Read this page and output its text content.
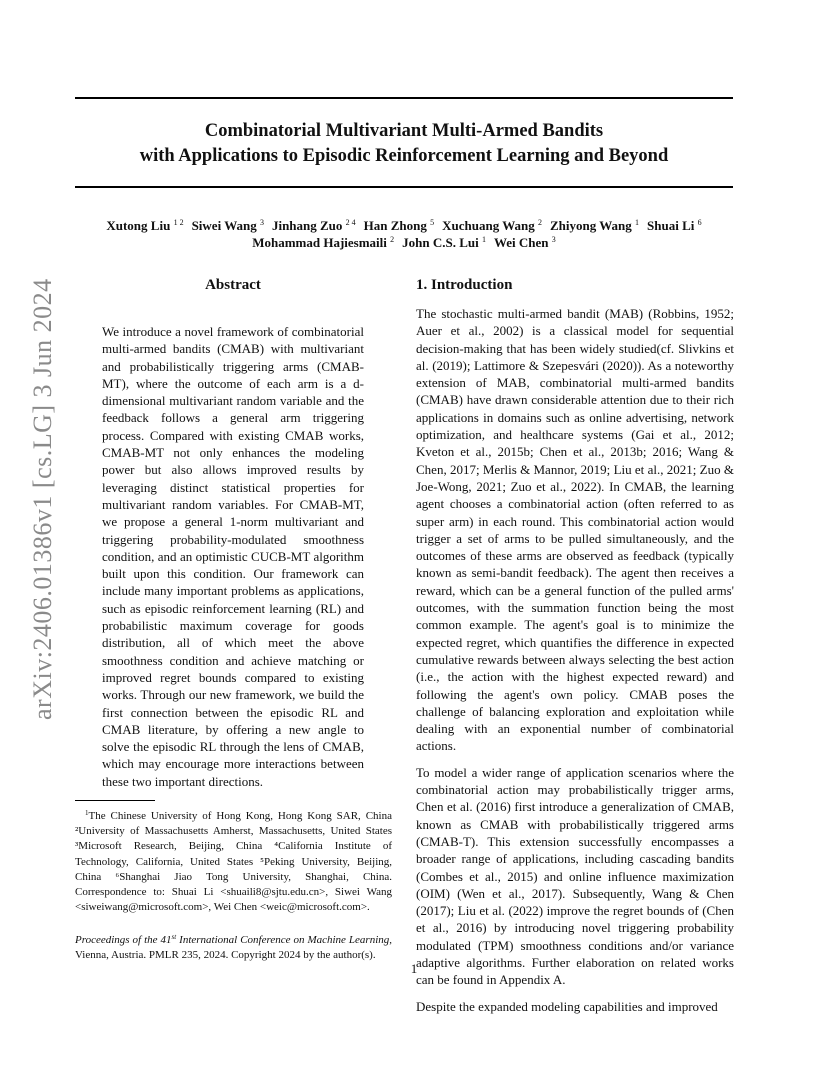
Combinatorial Multivariant Multi-Armed Bandits
with Applications to Episodic Reinforcement Learning and Beyond
Xutong Liu $^{1 2}$ Siwei Wang $^3$ Jinhang Zuo $^{2 4}$ Han Zhong $^5$ Xuchuang Wang $^2$ Zhiyong Wang $^1$ Shuai Li $^6$
Mohammad Hajiesmaili $^2$ John C.S. Lui $^1$ Wei Chen $^3$
arXiv:2406.01386v1 [cs.LG] 3 Jun 2024	Abstract

We introduce a novel framework of combinatorial multi-armed bandits (CMAB) with multivariant and probabilistically triggering arms (CMAB-MT), where the outcome of each arm is a d-dimensional multivariant random variable and the feedback follows a general arm triggering process. Compared with existing CMAB works, CMAB-MT not only enhances the modeling power but also allows improved results by leveraging distinct statistical properties for multivariant random variables. For CMAB-MT, we propose a general 1-norm multivariant and triggering probability-modulated smoothness condition, and an optimistic CUCB-MT algorithm built upon this condition. Our framework can include many important problems as applications, such as episodic reinforcement learning (RL) and probabilistic maximum coverage for goods distribution, all of which meet the above smoothness condition and achieve matching or improved regret bounds compared to existing works. Through our new framework, we build the first connection between the episodic RL and CMAB literature, by offering a new angle to solve the episodic RL through the lens of CMAB, which may encourage more interactions between these two important directions.

$^1$The Chinese University of Hong Kong, Hong Kong SAR, China ²University of Massachusetts Amherst, Massachusetts, United States ³Microsoft Research, Beijing, China ⁴California Institute of Technology, California, United States ⁵Peking University, Beijing, China ⁶Shanghai Jiao Tong University, Shanghai, China. Correspondence to: Shuai Li <shuaili8@sjtu.edu.cn>, Siwei Wang <siweiwang@microsoft.com>, Wei Chen <weic@microsoft.com>.

Proceedings of the 41st International Conference on Machine Learning, Vienna, Austria. PMLR 235, 2024. Copyright 2024 by the author(s).

1. Introduction

The stochastic multi-armed bandit (MAB) (Robbins, 1952; Auer et al., 2002) is a classical model for sequential decision-making that has been widely studied(cf. Slivkins et al. (2019); Lattimore & Szepesvári (2020)). As a noteworthy extension of MAB, combinatorial multi-armed bandits (CMAB) have drawn considerable attention due to their rich applications in domains such as online advertising, network optimization, and healthcare systems (Gai et al., 2012; Kveton et al., 2015b; Chen et al., 2013b; 2016; Wang & Chen, 2017; Merlis & Mannor, 2019; Liu et al., 2021; Zuo & Joe-Wong, 2021; Zuo et al., 2022). In CMAB, the learning agent chooses a combinatorial action (often referred to as super arm) in each round. This combinatorial action would trigger a set of arms to be pulled simultaneously, and the outcomes of these arms are observed as feedback (typically known as semi-bandit feedback). The agent then receives a reward, which can be a general function of the pulled arms' outcomes, with the summation function being the most common example. The agent's goal is to minimize the expected regret, which quantifies the difference in expected cumulative rewards between always selecting the best action (i.e., the action with the highest expected reward) and following the agent's own policy. CMAB poses the challenge of balancing exploration and exploitation while dealing with an exponential number of combinatorial actions.

To model a wider range of application scenarios where the combinatorial action may probabilistically trigger arms, Chen et al. (2016) first introduce a generalization of CMAB, known as CMAB with probabilistically triggered arms (CMAB-T). This extension successfully encompasses a broader range of applications, including cascading bandits (Combes et al., 2015) and online influence maximization (OIM) (Wen et al., 2017). Subsequently, Wang & Chen (2017); Liu et al. (2022) improve the regret bounds of (Chen et al., 2016) by introducing novel triggering probability modulated (TPM) smoothness conditions and/or variance adaptive algorithms. Further elaboration on related works can be found in Appendix A.

Despite the expanded modeling capabilities and improved

1
